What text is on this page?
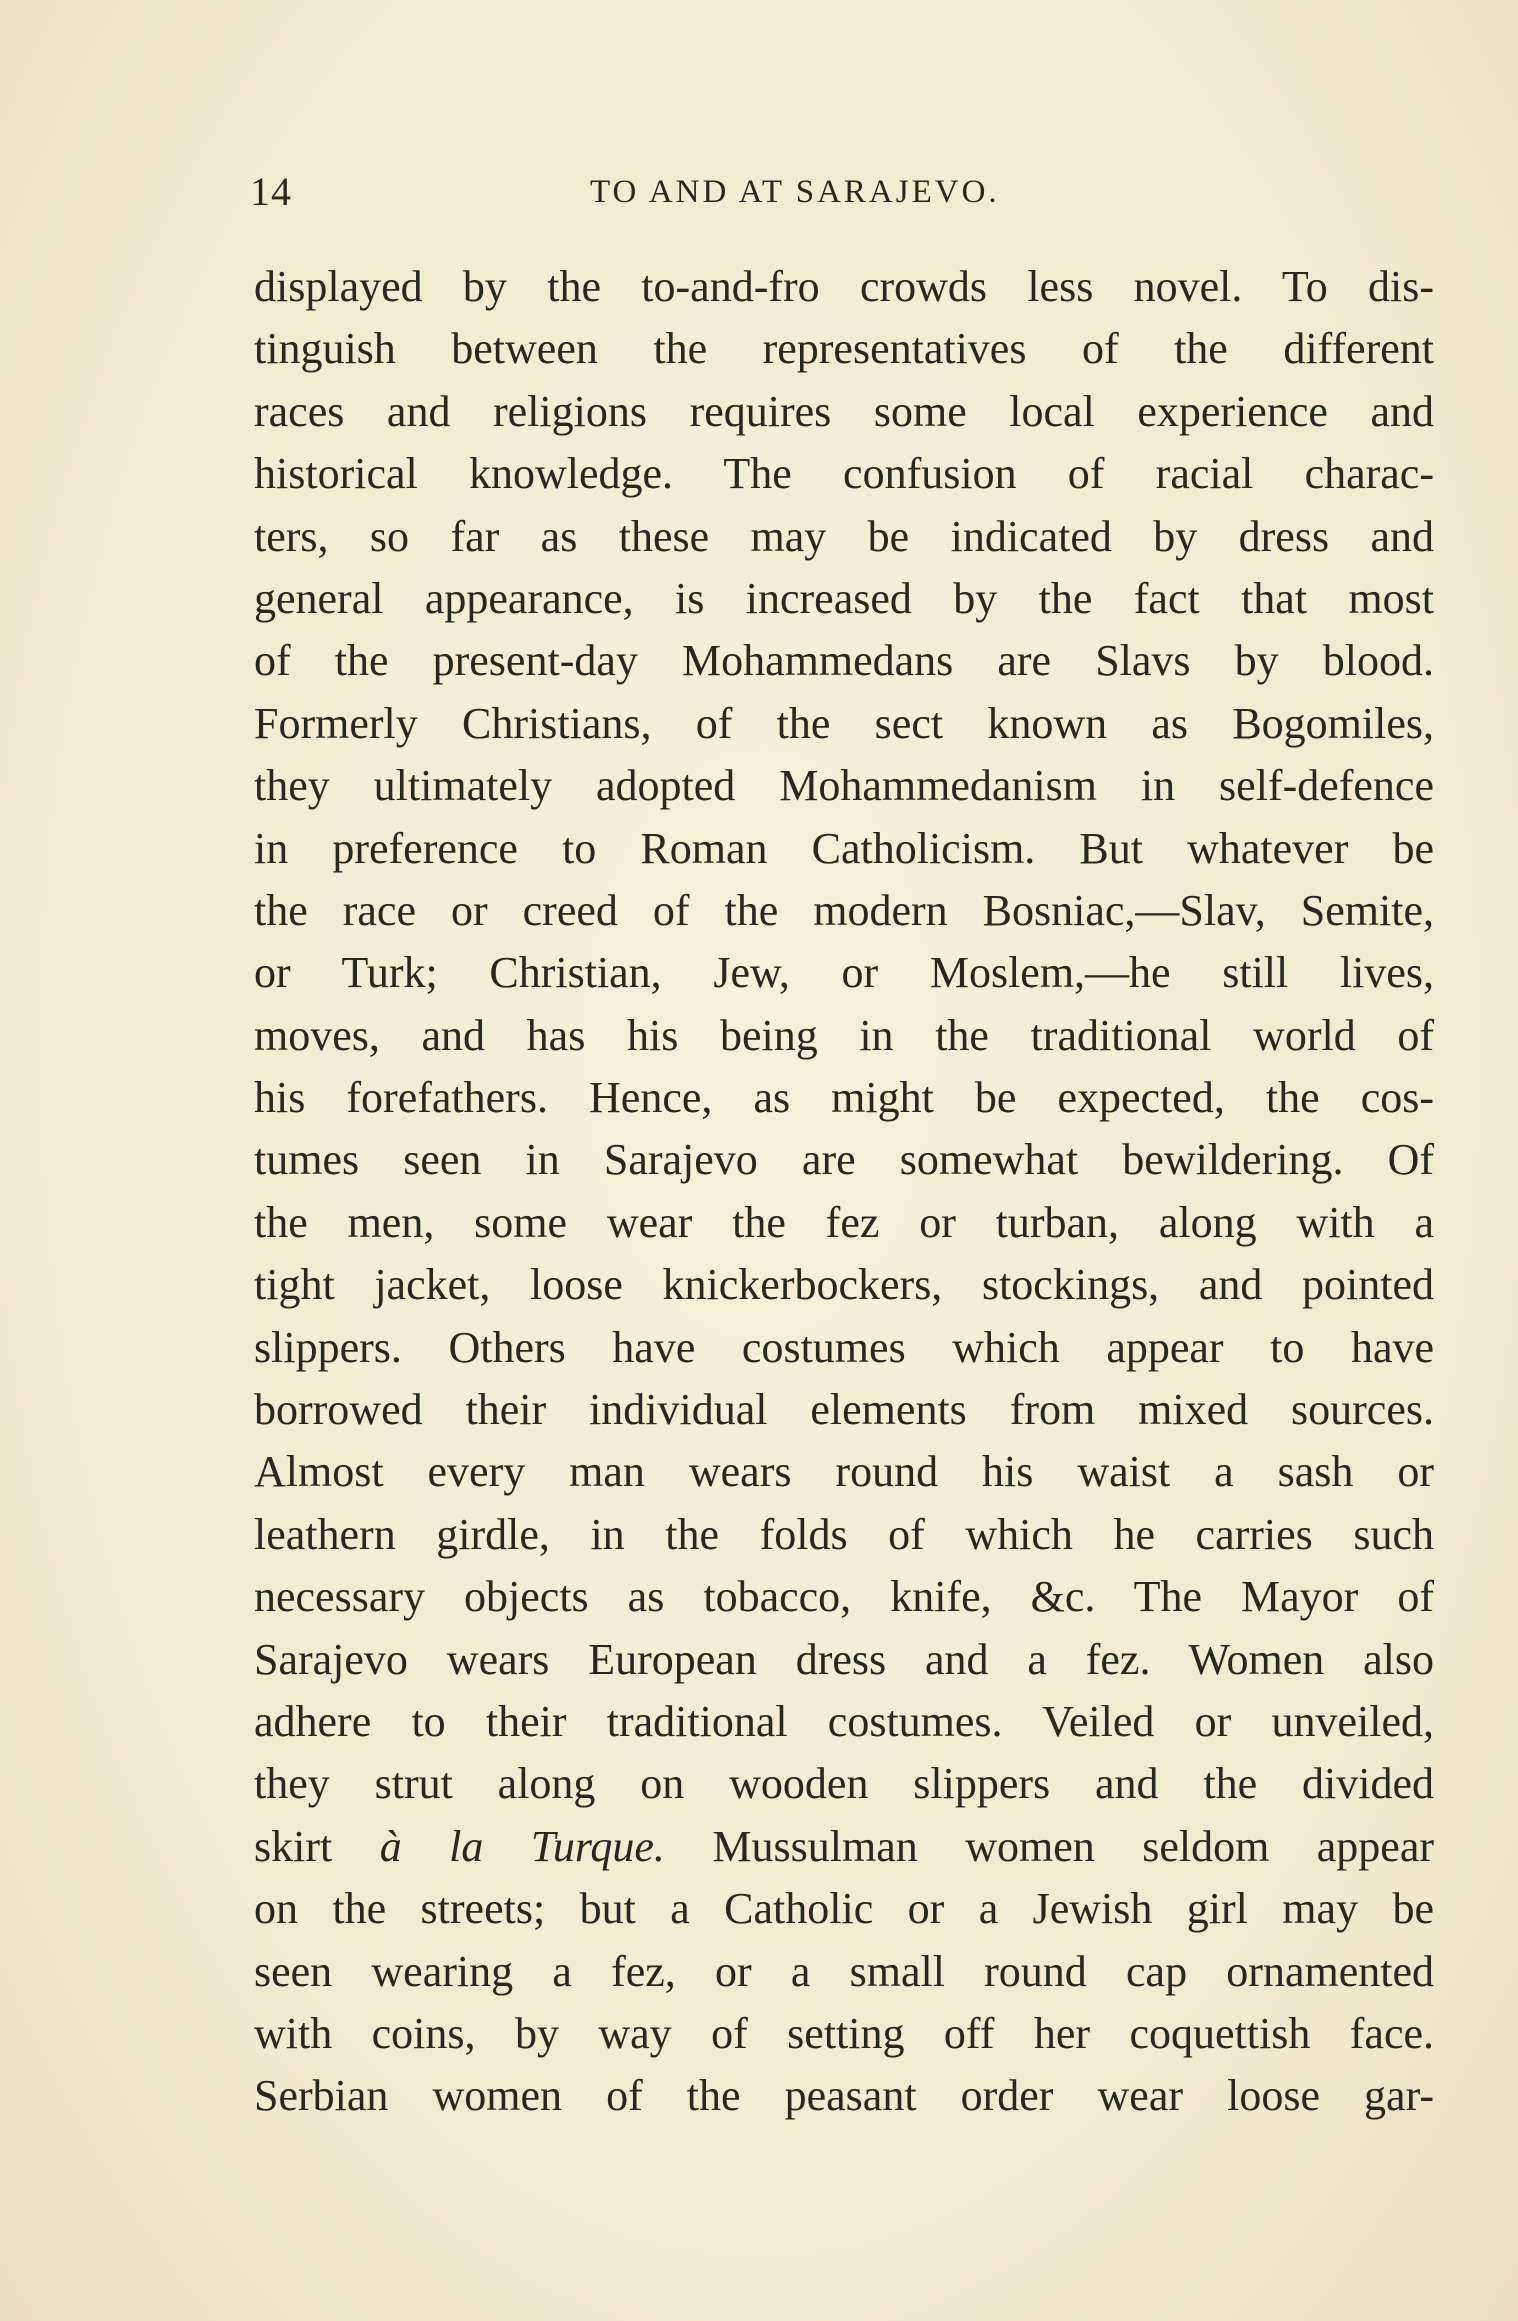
14	TO AND AT SARAJEVO.
displayed by the to-and-fro crowds less novel. To dis-
tinguish between the representatives of the different
races and religions requires some local experience and
historical knowledge. The confusion of racial charac-
ters, so far as these may be indicated by dress and
general appearance, is increased by the fact that most
of the present-day Mohammedans are Slavs by blood.
Formerly Christians, of the sect known as Bogomiles,
they ultimately adopted Mohammedanism in self-defence
in preference to Roman Catholicism. But whatever be
the race or creed of the modern Bosniac,—Slav, Semite,
or Turk; Christian, Jew, or Moslem,—he still lives,
moves, and has his being in the traditional world of
his forefathers. Hence, as might be expected, the cos-
tumes seen in Sarajevo are somewhat bewildering. Of
the men, some wear the fez or turban, along with a
tight jacket, loose knickerbockers, stockings, and pointed
slippers. Others have costumes which appear to have
borrowed their individual elements from mixed sources.
Almost every man wears round his waist a sash or
leathern girdle, in the folds of which he carries such
necessary objects as tobacco, knife, &c. The Mayor of
Sarajevo wears European dress and a fez. Women also
adhere to their traditional costumes. Veiled or unveiled,
they strut along on wooden slippers and the divided
skirt à la Turque. Mussulman women seldom appear
on the streets; but a Catholic or a Jewish girl may be
seen wearing a fez, or a small round cap ornamented
with coins, by way of setting off her coquettish face.
Serbian women of the peasant order wear loose gar-
